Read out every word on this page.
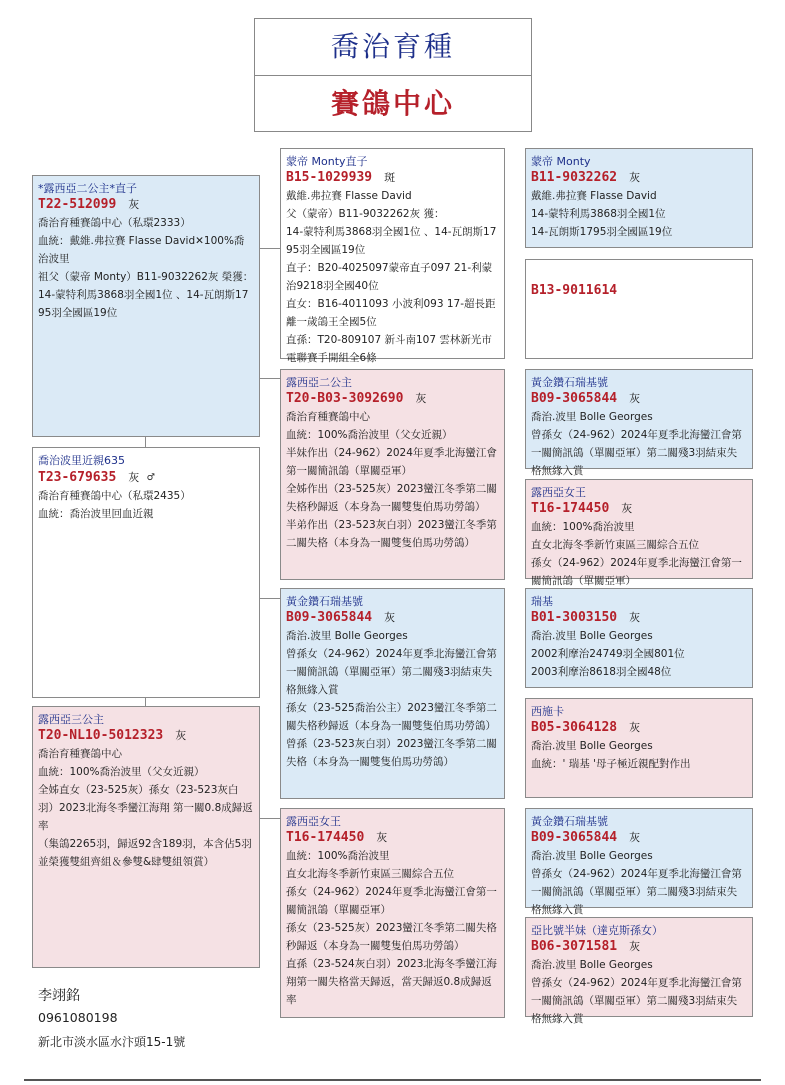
喬治育種
賽鴿中心
*露西亞二公主*直子
T22-512099 灰
喬治育種賽鴿中心（私環2333）
血統：戴維.弗拉賽 Flasse David✕100%喬治波里
祖父（蒙帝 Monty）B11-9032262灰 榮獲：
14-蒙特利馬3868羽全國1位 、14-瓦朗斯1795羽全國區19位
喬治波里近親635
T23-679635 灰 ♂
喬治育種賽鴿中心（私環2435）
血統：喬治波里回血近親
露西亞三公主
T20-NL10-5012323 灰
喬治育種賽鴿中心
血統：100%喬治波里（父女近親）
全姊直女（23-525灰）孫女（23-523灰白羽）2023北海冬季蠻江海翔 第一關0.8成歸返率
（集鴿2265羽，歸返92含189羽，本含佔5羽 並榮獲雙組齊組＆參雙&肆雙組領賞）
蒙帝 Monty直子
B15-1029939 斑
戴維.弗拉賽 Flasse David
父（蒙帝）B11-9032262灰 獲：
14-蒙特利馬3868羽全國1位 、14-瓦朗斯1795羽全國區19位
直子：B20-4025097蒙帝直子097 21-利蒙治9218羽全國40位
直女：B16-4011093 小波利093 17-超長距離一歲鴿王全國5位
直孫：T20-809107 新斗南107 雲林新光市電聯賽手開組全6條
露西亞二公主
T20-B03-3092690 灰
喬治育種賽鴿中心
血統：100%喬治波里（父女近親）
半妹作出（24-962）2024年夏季北海蠻江會第一關簡訊鴿（單關亞軍）
全姊作出（23-525灰）2023蠻江冬季第二關失格秒歸返（本身為一關雙隻伯馬功勞鴿）
半弟作出（23-523灰白羽）2023蠻江冬季第二關失格（本身為一關雙隻伯馬功勞鴿）
黃金鑽石瑞基號
B09-3065844 灰
喬治.波里 Bolle Georges
曾孫女（24-962）2024年夏季北海蠻江會第一關簡訊鴿（單關亞軍）第二關殘3羽結束失格無緣入賞
孫女（23-525喬治公主）2023蠻江冬季第二關失格秒歸返（本身為一關雙隻伯馬功勞鴿）
曾孫（23-523灰白羽）2023蠻江冬季第二關失格（本身為一關雙隻伯馬功勞鴿）
露西亞女王
T16-174450 灰
血統：100%喬治波里
直女北海冬季新竹東區三關綜合五位
孫女（24-962）2024年夏季北海蠻江會第一關簡訊鴿（單關亞軍）
孫女（23-525灰）2023蠻江冬季第二關失格秒歸返（本身為一關雙隻伯馬功勞鴿）
直孫（23-524灰白羽）2023北海冬季蠻江海翔第一關失格當天歸返，當天歸返0.8成歸返率
蒙帝 Monty
B11-9032262 灰
戴維.弗拉賽 Flasse David
14-蒙特利馬3868羽全國1位
14-瓦朗斯1795羽全國區19位
B13-9011614
黃金鑽石瑞基號
B09-3065844 灰
喬治.波里 Bolle Georges
曾孫女（24-962）2024年夏季北海蠻江會第一關簡訊鴿（單關亞軍）第二關殘3羽結束失格無緣入賞
露西亞女王
T16-174450 灰
血統：100%喬治波里
直女北海冬季新竹東區三關綜合五位
孫女（24-962）2024年夏季北海蠻江會第一關簡訊鴿（單關亞軍）
瑞基
B01-3003150 灰
喬治.波里 Bolle Georges
2002利摩治24749羽全國801位
2003利摩治8618羽全國48位
西施卡
B05-3064128 灰
喬治.波里 Bolle Georges
血統：' 瑞基 '母子極近親配對作出
黃金鑽石瑞基號
B09-3065844 灰
喬治.波里 Bolle Georges
曾孫女（24-962）2024年夏季北海蠻江會第一關簡訊鴿（單關亞軍）第二關殘3羽結束失格無緣入賞
亞比號半妹（達克斯孫女）
B06-3071581 灰
喬治.波里 Bolle Georges
曾孫女（24-962）2024年夏季北海蠻江會第一關簡訊鴿（單關亞軍）第二關殘3羽結束失格無緣入賞
李翊銘
0961080198
新北市淡水區水汴頭15-1號
